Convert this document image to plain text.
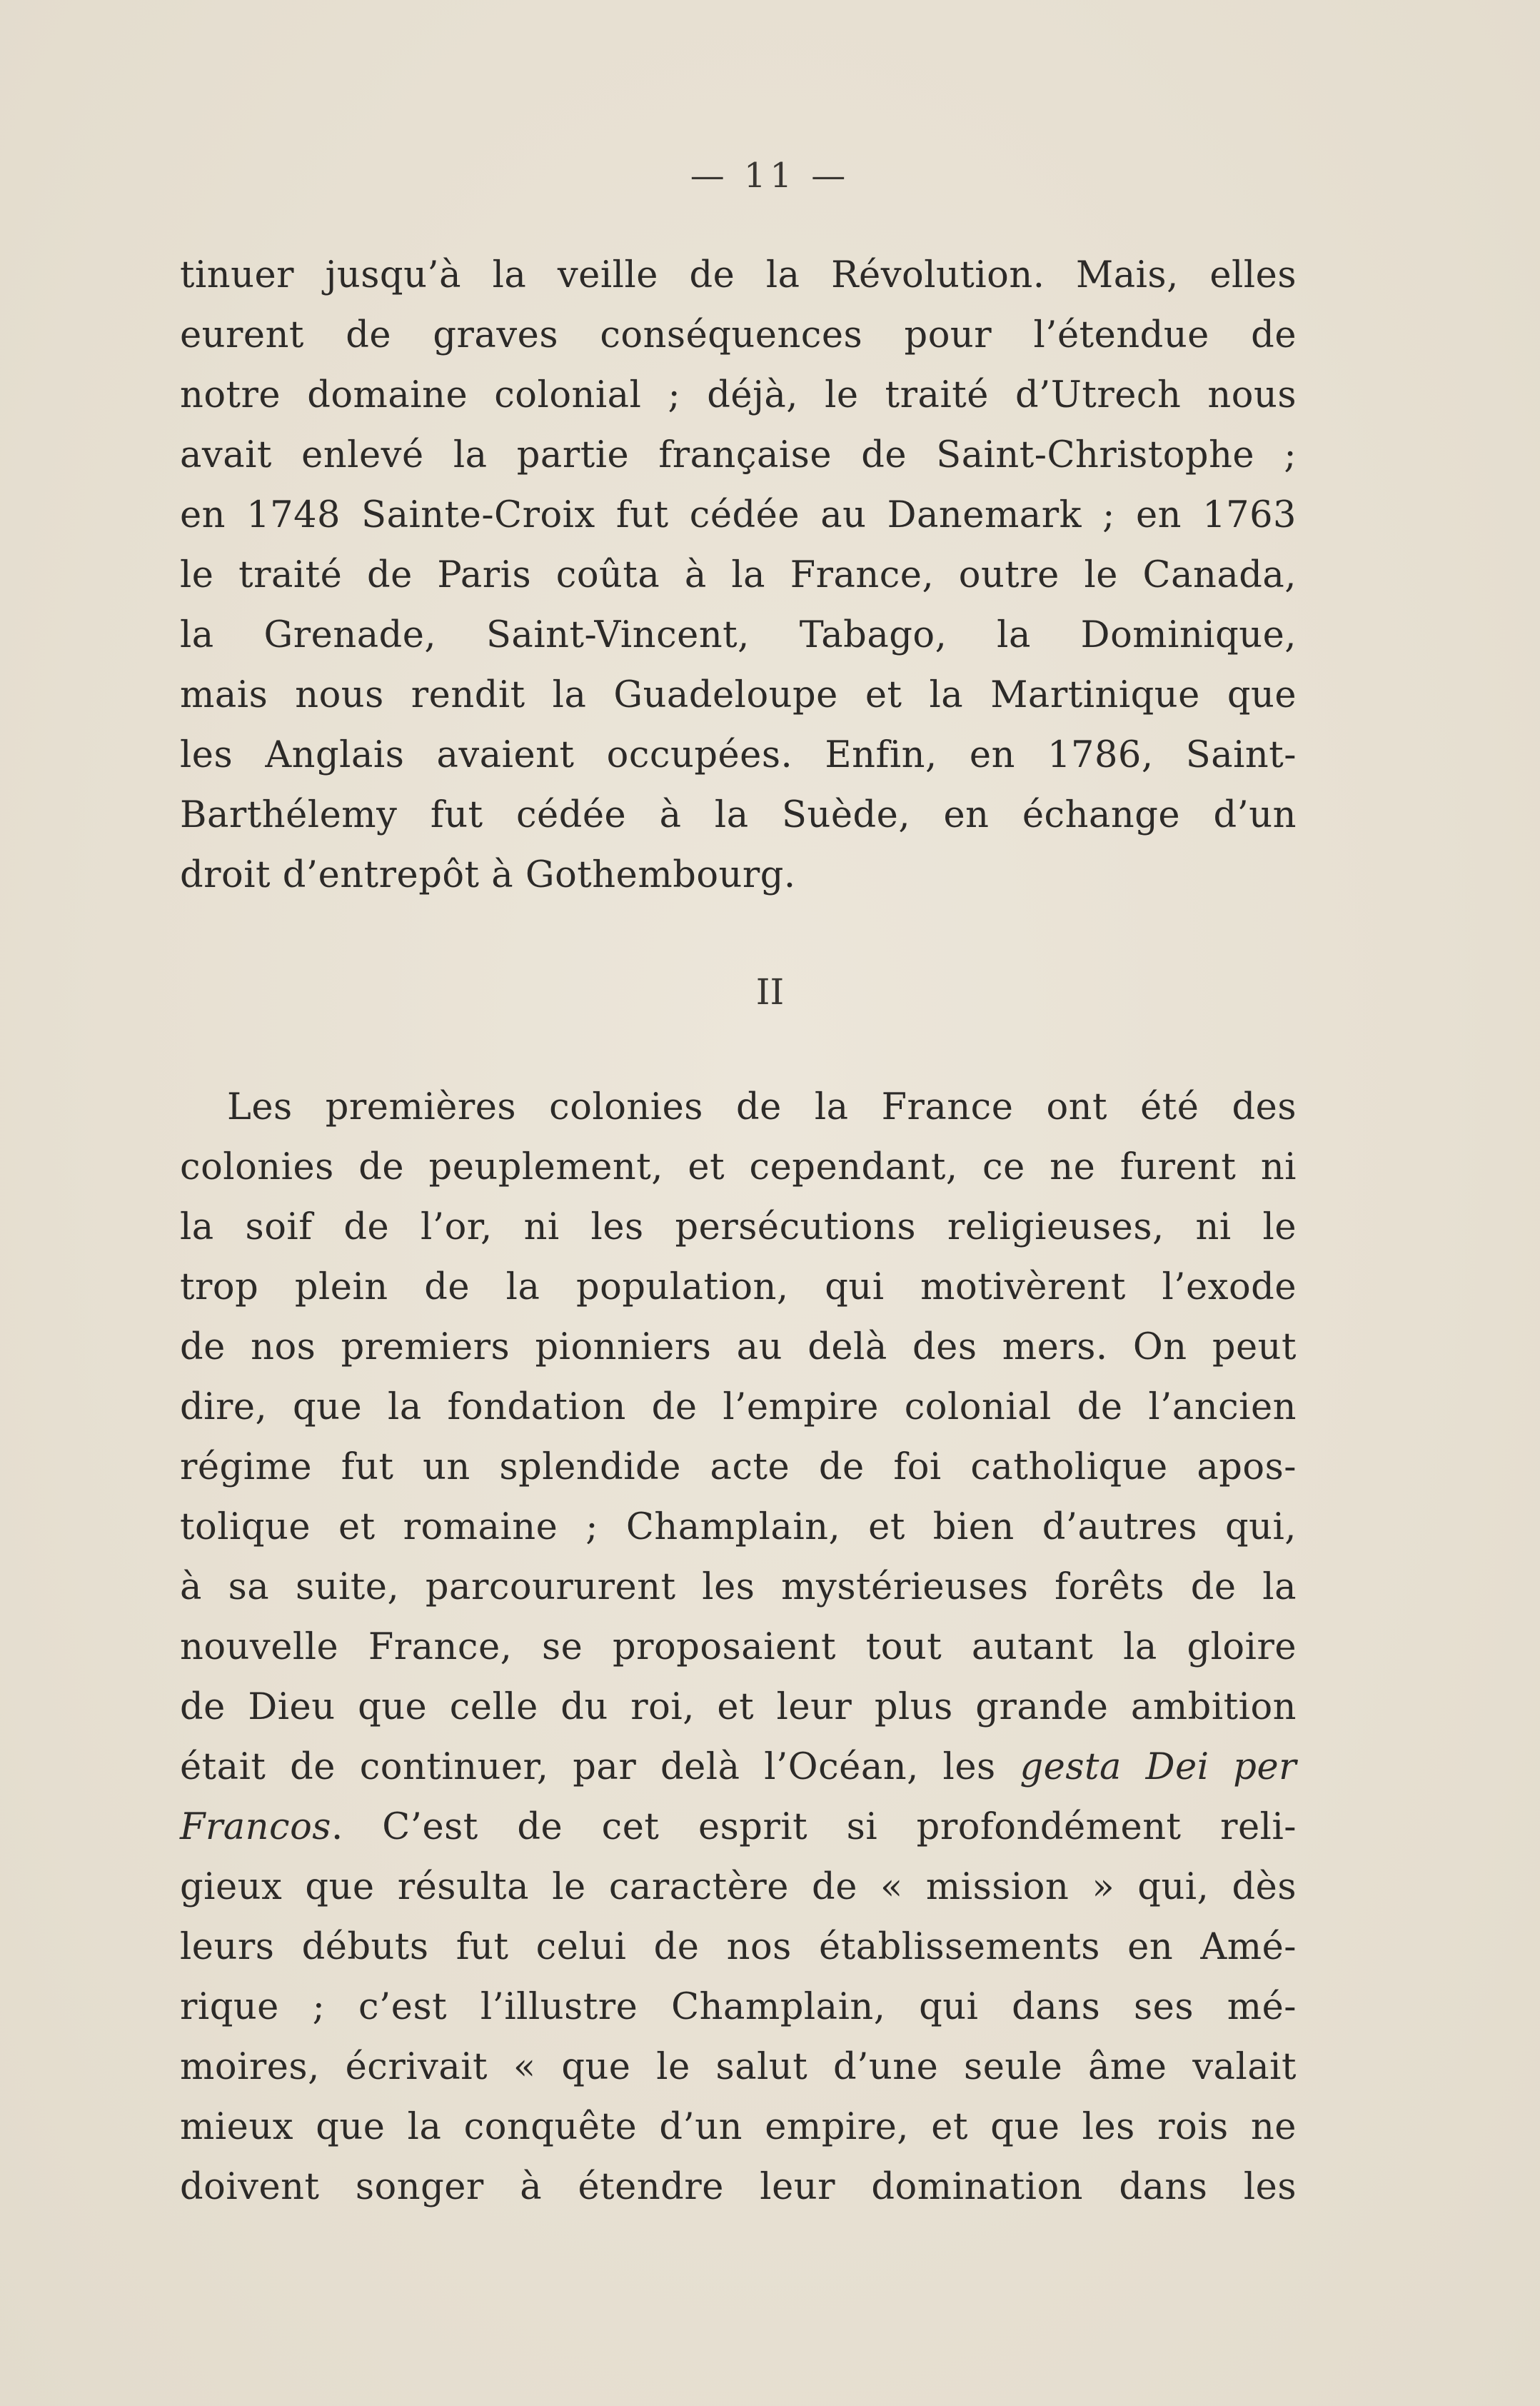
— 11 —
tinuer jusqu’à la veille de la Révolution. Mais, elles
eurent de graves conséquences pour l’étendue de
notre domaine colonial ; déjà, le traité d’Utrech nous
avait enlevé la partie française de Saint-Christophe ;
en 1748 Sainte-Croix fut cédée au Danemark ; en 1763
le traité de Paris coûta à la France, outre le Canada,
la Grenade, Saint-Vincent, Tabago, la Dominique,
mais nous rendit la Guadeloupe et la Martinique que
les Anglais avaient occupées. Enfin, en 1786, Saint-
Barthélemy fut cédée à la Suède, en échange d’un
droit d’entrepôt à Gothembourg.
II
Les premières colonies de la France ont été des
colonies de peuplement, et cependant, ce ne furent ni
la soif de l’or, ni les persécutions religieuses, ni le
trop plein de la population, qui motivèrent l’exode
de nos premiers pionniers au delà des mers. On peut
dire, que la fondation de l’empire colonial de l’ancien
régime fut un splendide acte de foi catholique apos-
tolique et romaine ; Champlain, et bien d’autres qui,
à sa suite, parcoururent les mystérieuses forêts de la
nouvelle France, se proposaient tout autant la gloire
de Dieu que celle du roi, et leur plus grande ambition
était de continuer, par delà l’Océan, les gesta Dei per
Francos. C’est de cet esprit si profondément reli-
gieux que résulta le caractère de « mission » qui, dès
leurs débuts fut celui de nos établissements en Amé-
rique ; c’est l’illustre Champlain, qui dans ses mé-
moires, écrivait « que le salut d’une seule âme valait
mieux que la conquête d’un empire, et que les rois ne
doivent songer à étendre leur domination dans les
